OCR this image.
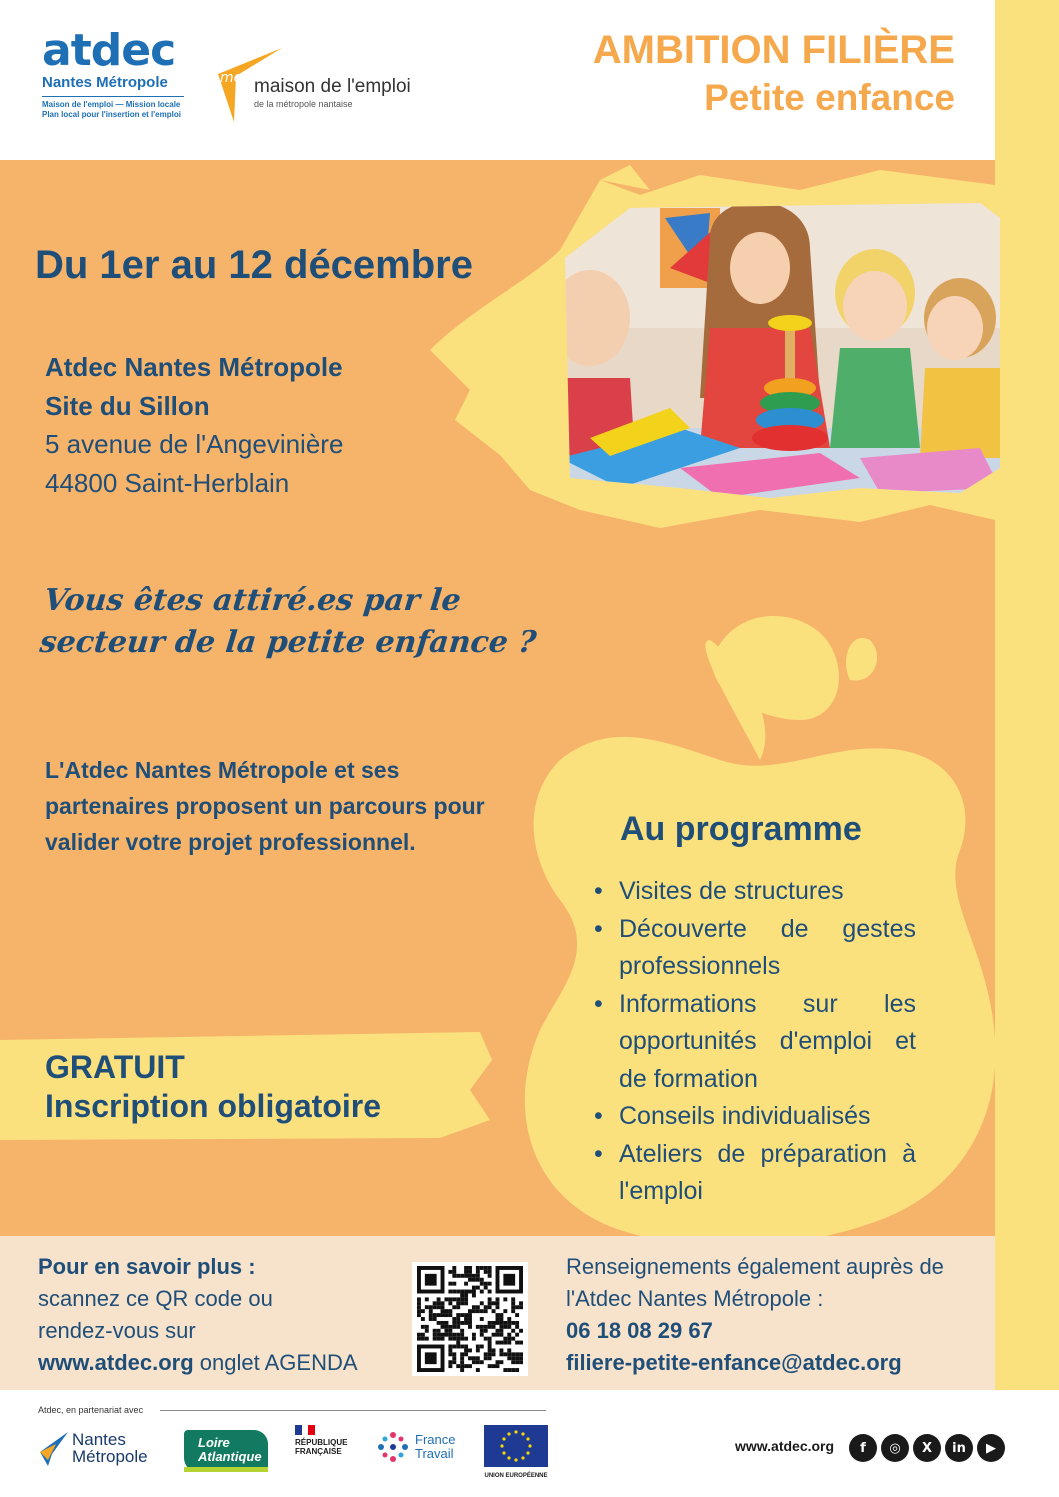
atdec
Nantes Métropole
Maison de l'emploi — Mission locale
Plan local pour l'insertion et l'emploi
me maison de l'emploi
de la métropole nantaise
AMBITION FILIÈRE
Petite enfance
Du 1er au 12 décembre
Atdec Nantes Métropole
Site du Sillon
5 avenue de l'Angevinière
44800 Saint-Herblain
Vous êtes attiré.es par le
secteur de la petite enfance ?
L'Atdec Nantes Métropole et ses partenaires proposent un parcours pour valider votre projet professionnel.
GRATUIT
Inscription obligatoire
Au programme
• Visites de structures
• Découverte de gestes professionnels
• Informations sur les opportunités d'emploi et de formation
• Conseils individualisés
• Ateliers de préparation à l'emploi
Pour en savoir plus :
scannez ce QR code ou
rendez-vous sur
www.atdec.org onglet AGENDA
Renseignements également auprès de
l'Atdec Nantes Métropole :
06 18 08 29 67
filiere-petite-enfance@atdec.org
Atdec, en partenariat avec
Nantes
Métropole
Loire
Atlantique
RÉPUBLIQUE
FRANÇAISE
France
Travail
UNION EUROPÉENNE
www.atdec.org	f	◎	X	in	▶
